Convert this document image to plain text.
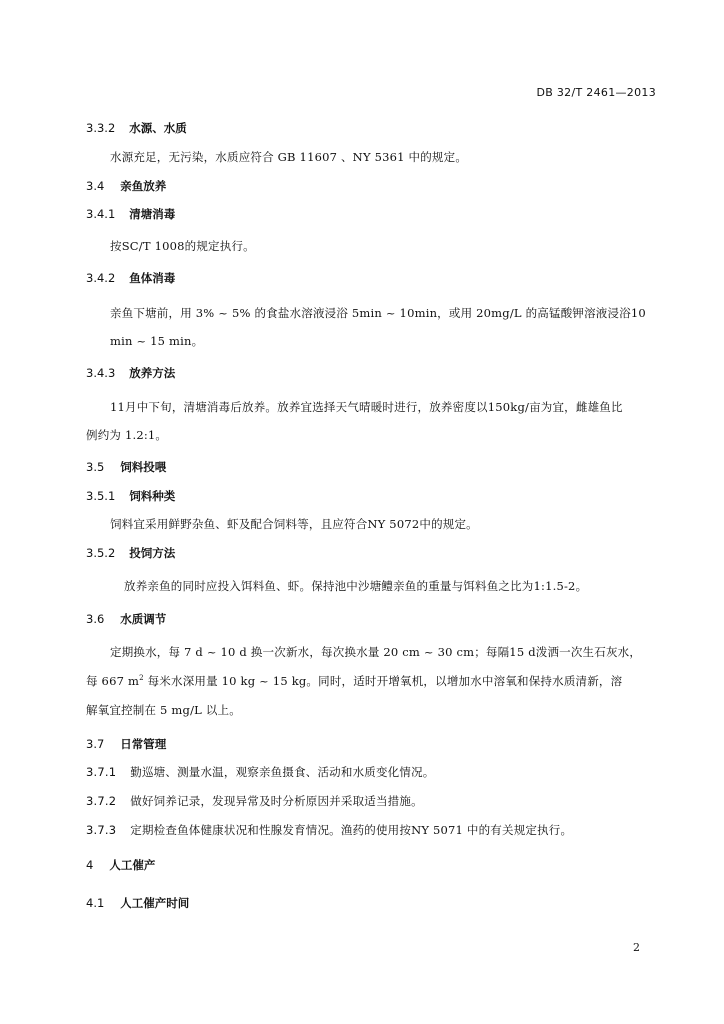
DB 32/T 2461—2013
3.3.2 水源、水质
水源充足，无污染，水质应符合 GB 11607 、NY 5361 中的规定。
3.4 亲鱼放养
3.4.1 清塘消毒
按SC/T 1008的规定执行。
3.4.2 鱼体消毒
亲鱼下塘前，用 3% ~ 5% 的食盐水溶液浸浴 5min ~ 10min，或用 20mg/L 的高锰酸钾溶液浸浴10
min ~ 15 min。
3.4.3 放养方法
11月中下旬，清塘消毒后放养。放养宜选择天气晴暖时进行，放养密度以150kg/亩为宜，雌雄鱼比
例约为 1.2:1。
3.5 饲料投喂
3.5.1 饲料种类
饲料宜采用鲜野杂鱼、虾及配合饲料等，且应符合NY 5072中的规定。
3.5.2 投饲方法
放养亲鱼的同时应投入饵料鱼、虾。保持池中沙塘鳢亲鱼的重量与饵料鱼之比为1:1.5-2。
3.6 水质调节
定期换水，每 7 d ~ 10 d 换一次新水，每次换水量 20 cm ~ 30 cm；每隔15 d泼洒一次生石灰水，
每 667 $m^2$ 每米水深用量 10 kg ~ 15 kg。同时，适时开增氧机，以增加水中溶氧和保持水质清新，溶
解氧宜控制在 5 mg/L 以上。
3.7 日常管理
3.7.1 勤巡塘、测量水温，观察亲鱼摄食、活动和水质变化情况。
3.7.2 做好饲养记录，发现异常及时分析原因并采取适当措施。
3.7.3 定期检查鱼体健康状况和性腺发育情况。渔药的使用按NY 5071 中的有关规定执行。
4 人工催产
4.1 人工催产时间
2
